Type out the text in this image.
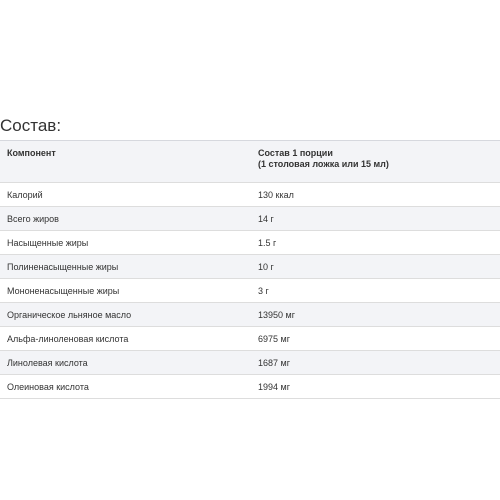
Состав:
Компонент	Состав 1 порции
(1 столовая ложка или 15 мл)
Калорий	130 ккал
Всего жиров	14 г
Насыщенные жиры	1.5 г
Полиненасыщенные жиры	10 г
Мононенасыщенные жиры	3 г
Органическое льняное масло	13950 мг
Альфа-линоленовая кислота	6975 мг
Линолевая кислота	1687 мг
Олеиновая кислота	1994 мг
